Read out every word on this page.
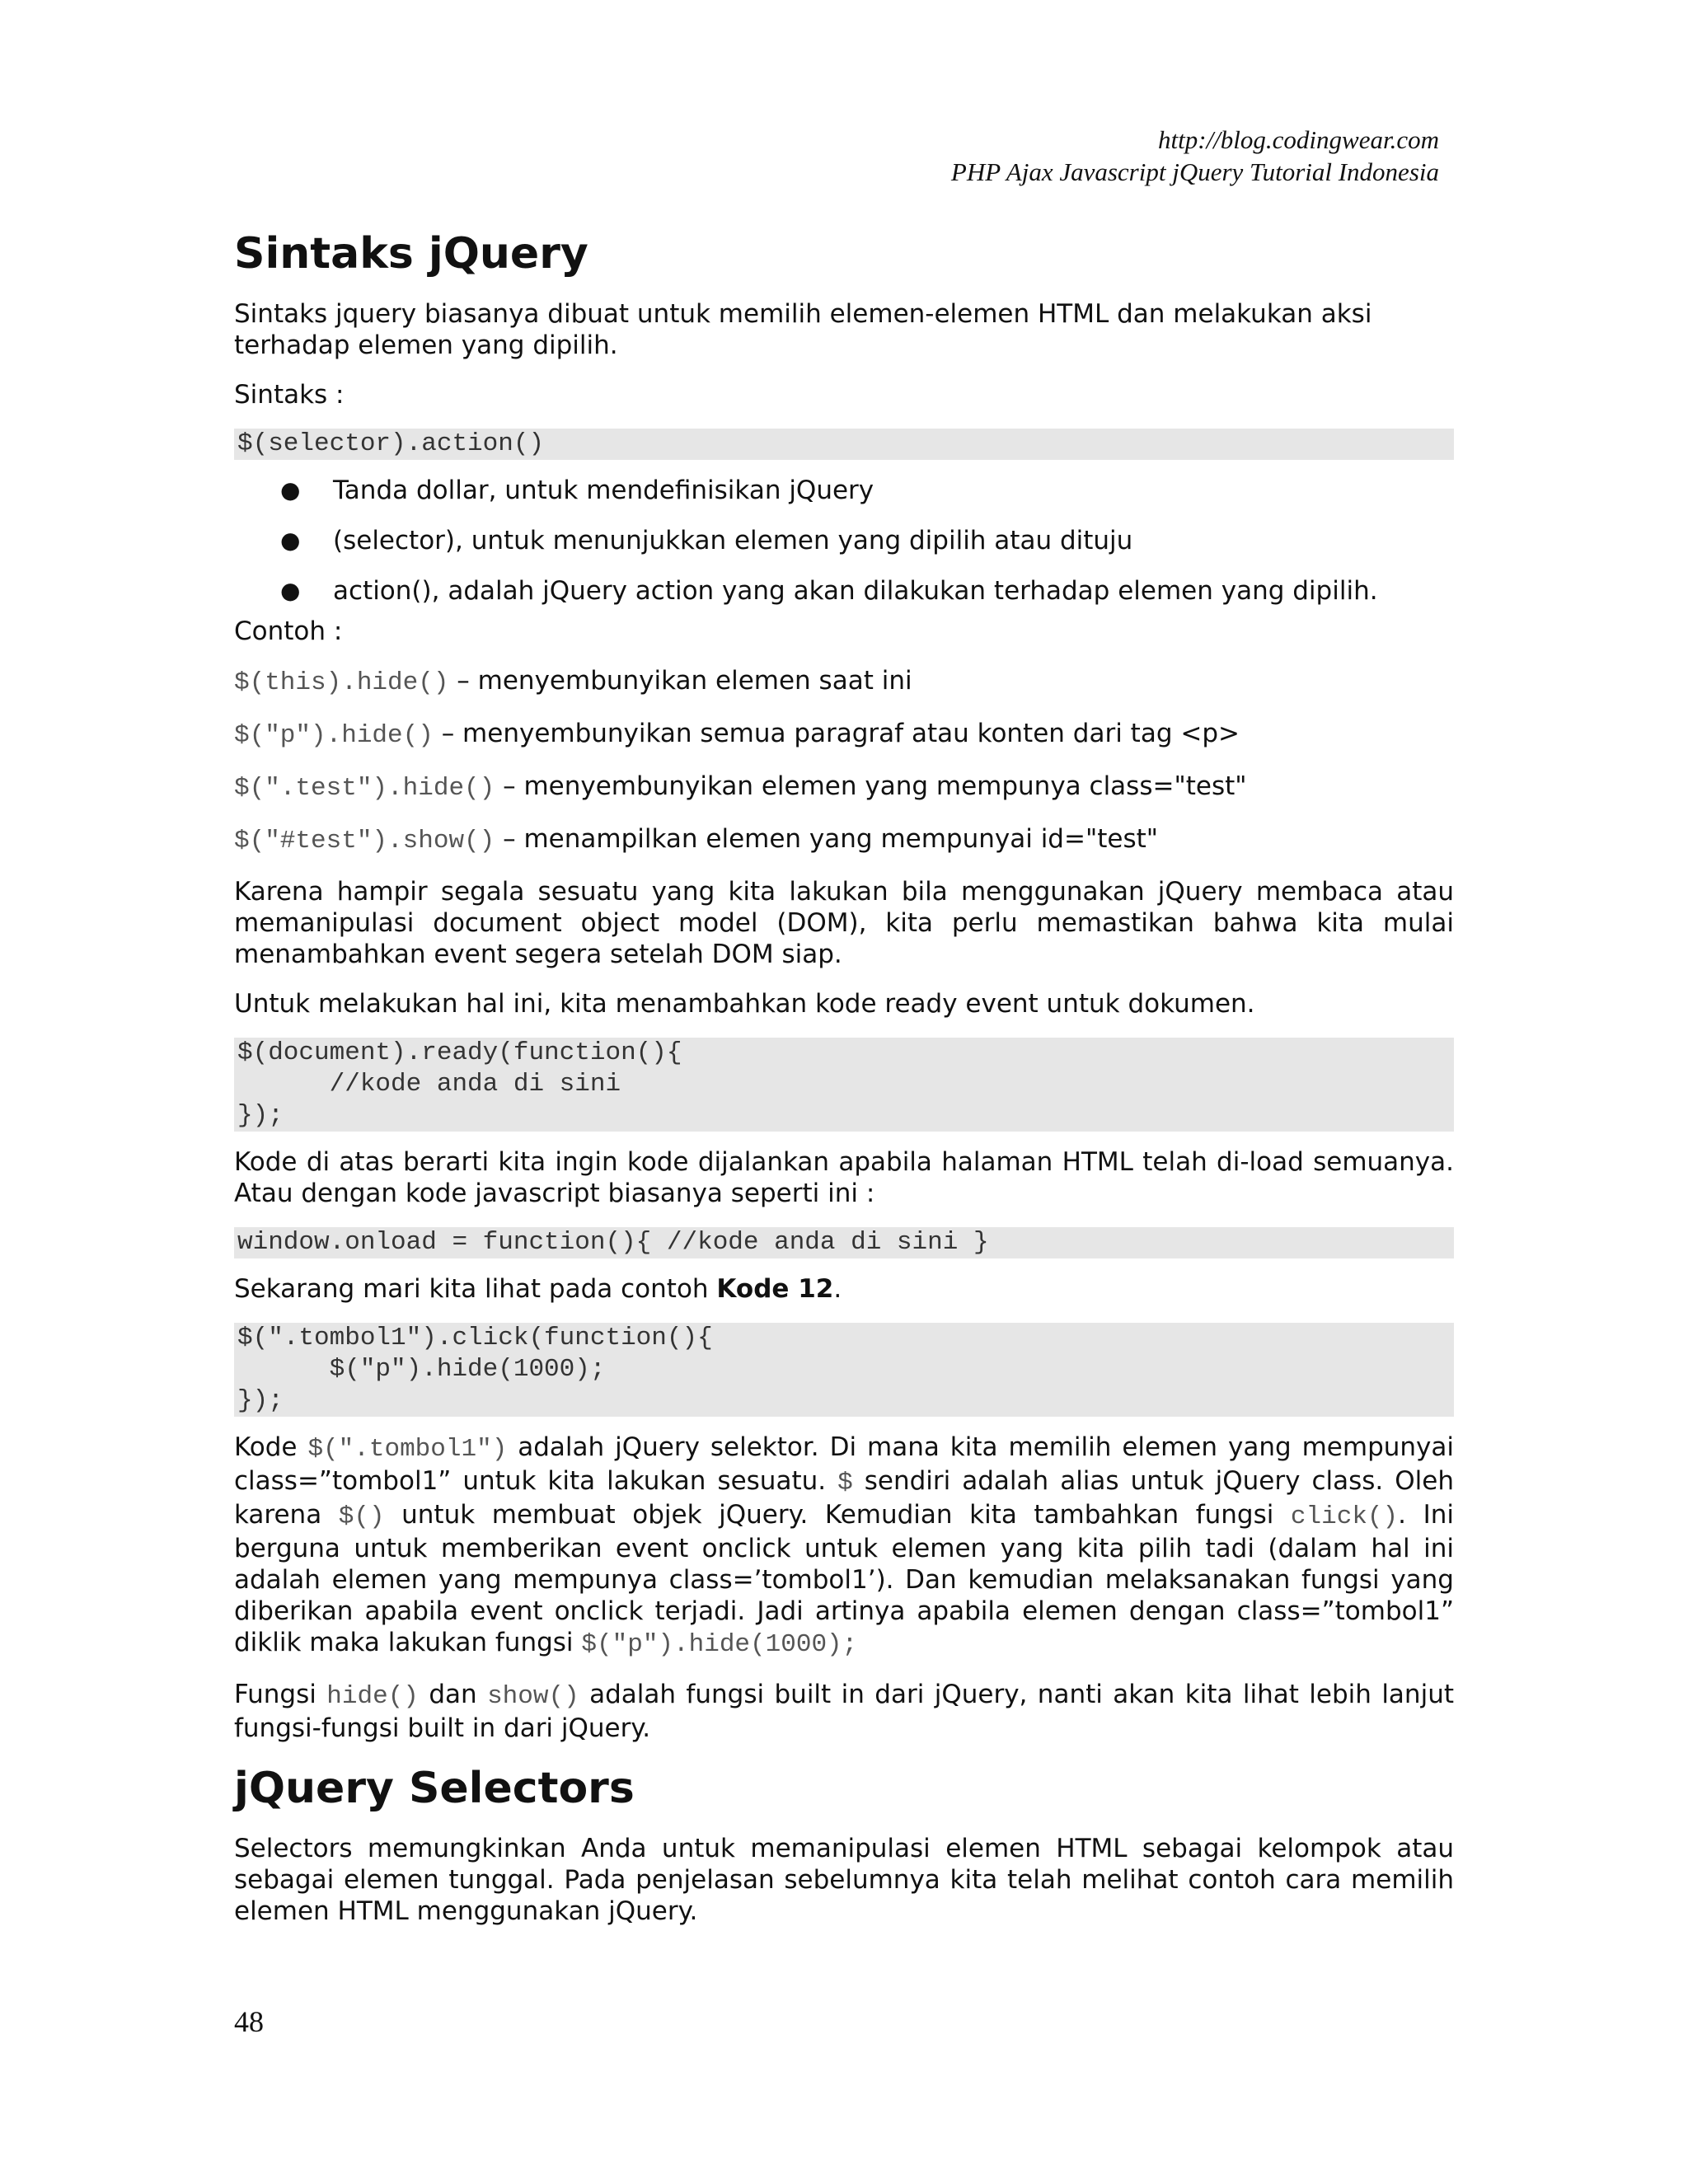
http://blog.codingwear.com
PHP Ajax Javascript jQuery Tutorial Indonesia
Sintaks jQuery

Sintaks jquery biasanya dibuat untuk memilih elemen-elemen HTML dan melakukan aksi terhadap elemen yang dipilih.

Sintaks :

$(selector).action()
● Tanda dollar, untuk mendefinisikan jQuery
● (selector), untuk menunjukkan elemen yang dipilih atau dituju
● action(), adalah jQuery action yang akan dilakukan terhadap elemen yang dipilih.

Contoh :

$(this).hide() – menyembunyikan elemen saat ini
$("p").hide() – menyembunyikan semua paragraf atau konten dari tag <p>
$(".test").hide() – menyembunyikan elemen yang mempunya class="test"
$("#test").show() – menampilkan elemen yang mempunyai id="test"

Karena hampir segala sesuatu yang kita lakukan bila menggunakan jQuery membaca atau memanipulasi document object model (DOM), kita perlu memastikan bahwa kita mulai menambahkan event segera setelah DOM siap.

Untuk melakukan hal ini, kita menambahkan kode ready event untuk dokumen.

$(document).ready(function(){
//kode anda di sini
});

Kode di atas berarti kita ingin kode dijalankan apabila halaman HTML telah di-load semuanya. Atau dengan kode javascript biasanya seperti ini :

window.onload = function(){ //kode anda di sini }

Sekarang mari kita lihat pada contoh Kode 12.

$(".tombol1").click(function(){
$("p").hide(1000);
});

Kode $(".tombol1") adalah jQuery selektor. Di mana kita memilih elemen yang mempunyai class=”tombol1” untuk kita lakukan sesuatu. $ sendiri adalah alias untuk jQuery class. Oleh karena $() untuk membuat objek jQuery. Kemudian kita tambahkan fungsi click(). Ini berguna untuk memberikan event onclick untuk elemen yang kita pilih tadi (dalam hal ini adalah elemen yang mempunya class=’tombol1’). Dan kemudian melaksanakan fungsi yang diberikan apabila event onclick terjadi. Jadi artinya apabila elemen dengan class=”tombol1” diklik maka lakukan fungsi $("p").hide(1000);

Fungsi hide() dan show() adalah fungsi built in dari jQuery, nanti akan kita lihat lebih lanjut fungsi-fungsi built in dari jQuery.

jQuery Selectors

Selectors memungkinkan Anda untuk memanipulasi elemen HTML sebagai kelompok atau sebagai elemen tunggal. Pada penjelasan sebelumnya kita telah melihat contoh cara memilih elemen HTML menggunakan jQuery.

48
